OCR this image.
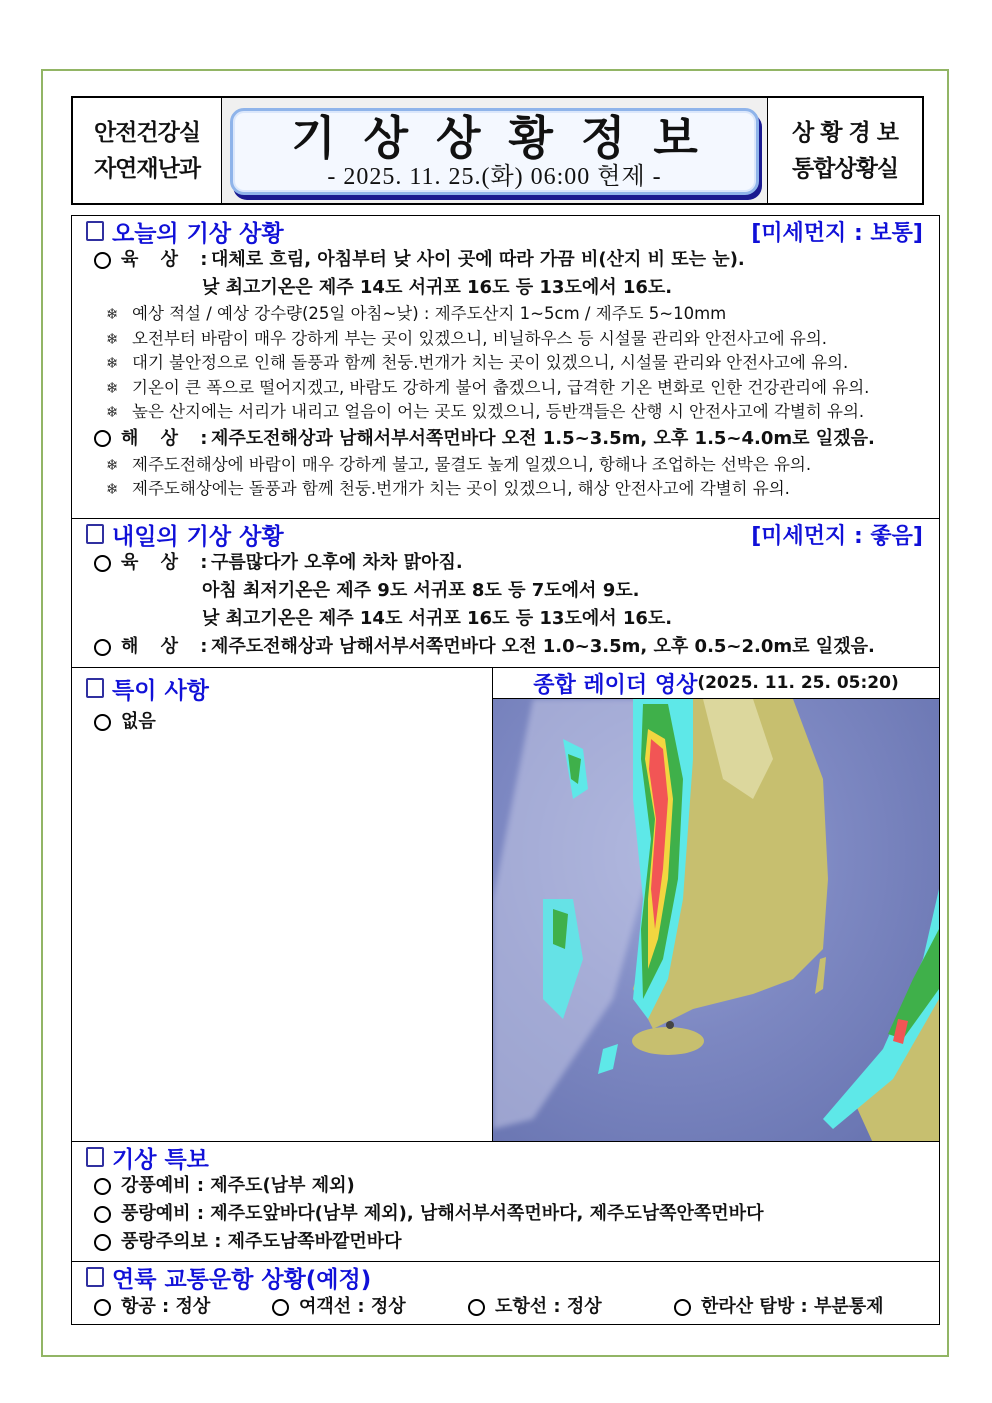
안전건강실
자연재난과
기상상황정보
- 2025. 11. 25.(화) 06:00 현제 -
상 황 경 보
통합상황실
오늘의 기상 상황	[미세먼지 : 보통]
육 상 :
대체로 흐림, 아침부터 낮 사이 곳에 따라 가끔 비(산지 비 또는 눈).
낮 최고기온은 제주 14도 서귀포 16도 등 13도에서 16도.
❄ 예상 적설 / 예상 강수량(25일 아침~낮) : 제주도산지 1~5cm / 제주도 5~10mm
❄ 오전부터 바람이 매우 강하게 부는 곳이 있겠으니, 비닐하우스 등 시설물 관리와 안전사고에 유의.
❄ 대기 불안정으로 인해 돌풍과 함께 천둥.번개가 치는 곳이 있겠으니, 시설물 관리와 안전사고에 유의.
❄ 기온이 큰 폭으로 떨어지겠고, 바람도 강하게 불어 춥겠으니, 급격한 기온 변화로 인한 건강관리에 유의.
❄ 높은 산지에는 서리가 내리고 얼음이 어는 곳도 있겠으니, 등반객들은 산행 시 안전사고에 각별히 유의.
해 상 :
제주도전해상과 남해서부서쪽먼바다 오전 1.5~3.5m, 오후 1.5~4.0m로 일겠음.
❄ 제주도전해상에 바람이 매우 강하게 불고, 물결도 높게 일겠으니, 항해나 조업하는 선박은 유의.
❄ 제주도해상에는 돌풍과 함께 천둥.번개가 치는 곳이 있겠으니, 해상 안전사고에 각별히 유의.
내일의 기상 상황	[미세먼지 : 좋음]
육 상 :
구름많다가 오후에 차차 맑아짐.
아침 최저기온은 제주 9도 서귀포 8도 등 7도에서 9도.
낮 최고기온은 제주 14도 서귀포 16도 등 13도에서 16도.
해 상 :
제주도전해상과 남해서부서쪽먼바다 오전 1.0~3.5m, 오후 0.5~2.0m로 일겠음.
특이 사항
없음
종합 레이더 영상 (2025. 11. 25. 05:20)
기상 특보
강풍예비 : 제주도(남부 제외)
풍랑예비 : 제주도앞바다(남부 제외), 남해서부서쪽먼바다, 제주도남쪽안쪽먼바다
풍랑주의보 : 제주도남쪽바깥먼바다
연륙 교통운항 상황(예정)
항공 : 정상	여객선 : 정상	도항선 : 정상	한라산 탐방 : 부분통제
